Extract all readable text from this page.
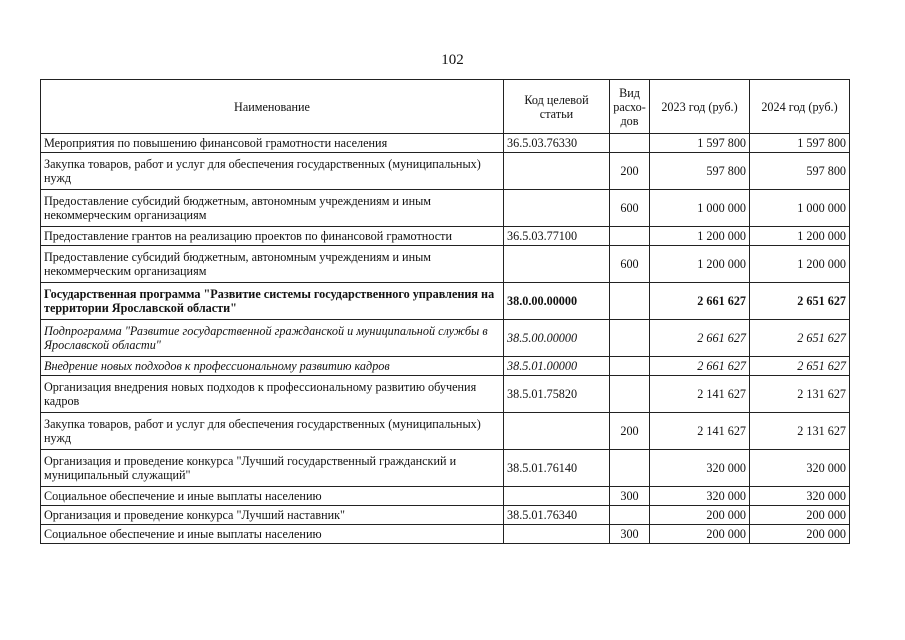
102
Наименование	Код целевой статьи	Вид расхо-дов	2023 год (руб.)	2024 год (руб.)
Мероприятия по повышению финансовой грамотности населения	36.5.03.76330		1 597 800	1 597 800
Закупка товаров, работ и услуг для обеспечения государственных (муниципальных) нужд		200	597 800	597 800
Предоставление субсидий бюджетным, автономным учреждениям и иным некоммерческим организациям		600	1 000 000	1 000 000
Предоставление грантов на реализацию проектов по финансовой грамотности	36.5.03.77100		1 200 000	1 200 000
Предоставление субсидий бюджетным, автономным учреждениям и иным некоммерческим организациям		600	1 200 000	1 200 000
Государственная программа "Развитие системы государственного управления на территории Ярославской области"	38.0.00.00000		2 661 627	2 651 627
Подпрограмма "Развитие государственной гражданской и муниципальной службы в Ярославской области"	38.5.00.00000		2 661 627	2 651 627
Внедрение новых подходов к профессиональному развитию кадров	38.5.01.00000		2 661 627	2 651 627
Организация внедрения новых подходов к профессиональному развитию обучения кадров	38.5.01.75820		2 141 627	2 131 627
Закупка товаров, работ и услуг для обеспечения государственных (муниципальных) нужд		200	2 141 627	2 131 627
Организация и проведение конкурса "Лучший государственный гражданский и муниципальный служащий"	38.5.01.76140		320 000	320 000
Социальное обеспечение и иные выплаты населению		300	320 000	320 000
Организация и проведение конкурса "Лучший наставник"	38.5.01.76340		200 000	200 000
Социальное обеспечение и иные выплаты населению		300	200 000	200 000
